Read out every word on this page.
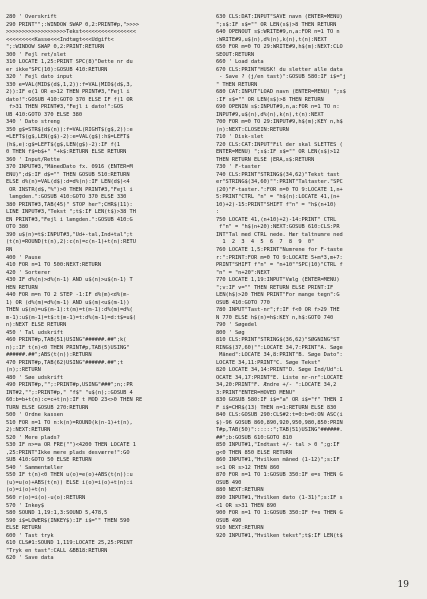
280 ' Overskrift
290 PRINT"";:WINDOW SWAP 0,2:PRINT#p,">>>>
>>>>>>>>>>>>>>>>>>>Tekst<<<<<<<<<<<<<<<<<
<<<<<<<<<Kasse<<<Indtægt<<<Udgift<
";:WINDOW SWAP 0,2:PRINT:RETURN
300 ' Fejl ret/slet
310 LOCATE 1,25:PRINT SPC(8)"Dette nr du
er ikke"SPC(10):GOSUB 410:RETURN
320 ' Fejl dato input
330 e=VAL(MID$(d$,1,2)):f=VAL(MID$(d$,3,
2)):IF e(1 OR e>12 THEN PRINT#3,"Fejl i
dato!":GOSUB 410:GOTO 370 ELSE IF f(1 OR
f>31 THEN PRINT#3,"Fejl i dato!":GOS
UB 410:GOTO 370 ELSE 380
340 ' Dato streng
350 g$=STR$(d$(n)):f=VAL(RIGHT$(g$,2)):e
=LEFT$(g$,LEN(g$)-2):e=VAL(g$):h$=LEFT$
(h$,e):g$=LEFT$(g$,LEN(g$)-2):IF f(1
0 THEN f$=b$+" "+k$:RETURN ELSE RETURN
360 ' Input/Rette
370 INPUT#3,"MånedDato fx. 0916 (ENTER=M
ENU)";d$:IF d$="" THEN GOSUB 510:RETURN
ELSE d%(n)=VAL(d$):d=d%(n):IF LEN(d$)<4
OR INSTR(d$,"%")>0 THEN PRINT#3,"Fejl i
længden.":GOSUB 410:GOTO 370 ELSE 330
380 PRINT#3,TAB(45)" STOP her";CHR$(11):
LINE INPUT#3,"Tekst ";t$:IF LEN(t$)>38 TH
EN PRINT#3,"Fejl i længden.":GOSUB 410:G
OTO 380
390 u$(n)=t$:INPUT#3,"Ud+-tal,Ind+tal";t
(t(n)=ROUND(t(n),2):c(n)=c(n-1)+t(n):RETU
RN
400 ' Pause
410 FOR n=1 TO 500:NEXT:RETURN
420 ' Sorterer
430 IF d%(n)>d%(n-1) AND u$(n)>u$(n-1) T
HEN RETURN
440 FOR m=n TO 2 STEP -1:IF d%(m)<d%(m-
1) OR (d%(m)=d%(m-1) AND u$(m)<u$(m-1))
THEN u$(m)=u$(m-1):t(m)=t(m-1):d%(m)=d%(
m-1):u$(m-1)=t$:t(m-1)=t:d%(m-1)=d:t$=u$(
n):NEXT ELSE RETURN
450 ' Tal udskrift
460 PRINT#p,TAB(51)USING"######.##";k(
n);:IF t(n)<0 THEN PRINT#p,TAB(5)USING"
######.##";ABS(t(n)):RETURN
470 PRINT#p,TAB(62)USING"######.##";t
(n);:RETURN
480 ' Søe udskrift
490 PRINT#p,"";:PRINT#p,USING"###";n;:PR
INT#2,"";:PRINT#p," "f$" "u$(n);:GOSUB 4
60:b=b+t(n):c=c+t(n):IF t MOD 23<>0 THEN RE
TURN ELSE GOSUB 270:RETURN
500 ' Ordne kassen
510 FOR n=1 TO n:k(n)=ROUND(k(n-1)+t(n),
2):NEXT:RETURN
520 ' Mere plads?
530 IF n>=a OR FRE("")<4200 THEN LOCATE 1
,25:PRINT"Ikke mere plads desværre!":GO
SUB 410:GOTO 50 ELSE RETURN
540 ' Sammentæller
550 IF t(n)<0 THEN u(o)=e(o)+ABS(t(n)):u
(u)=u(o)+ABS(t(n)) ELSE i(o)=i(o)+t(n):i
(o)=i(o)+t(n)
560 r(o)=i(o)-u(o):RETURN
570 ' Inkey$
580 SOUND 1,19:1,3:SOUND 5,478,5
590 i$=LOWER$(INKEY$):IF i$="" THEN 590
ELSE RETURN
600 ' Tast tryk
610 CLS#1:SOUND 1,119:LOCATE 25,25:PRINT
"Tryk en tast":CALL &BB18:RETURN
620 ' Save data
630 CLS:DAT:INPUT"SAVE navn (ENTER=MENU)
";s$:IF s$="" OR LEN(s$)>8 THEN RETURN
640 OPENOUT s$:WRITE#9,n,a:FOR n=1 TO n
:WRITE#9,u$(n),d%(n),k(n),t(n):NEXT
650 FOR m=0 TO 29:WRITE#9,h$(m):NEXT:CLO
SEOUT:RETURN
660 ' Load data
670 CLS:PRINT"HUSK! du sletter alle data
- Save ? (j/en tast)":GOSUB 580:IF i$="j
" THEN RETURN
680 CAT:INPUT"LOAD navn (ENTER=MENU) ";s$
:IF s$="" OR LEN(s$)>8 THEN RETURN
690 OPENIN s$:INPUT#9,n,a:FOR n=1 TO n:
INPUT#9,u$(n),d%(n),k(n),t(n):NEXT
700 FOR m=0 TO 29:INPUT#9,h$(m);KEY n,h$
(n):NEXT:CLOSEIN:RETURN
710 ' Disk-slet
720 CLS:CAT:INPUT"Fil der skal SLETTES (
ENTER=MENU) ";s$:IF s$="" OR LEN(s$)>12
THEN RETURN ELSE |ERA,s$:RETURN
730 ' F-taster
740 CLS:PRINT"STRING$(34,62)"Tekst tast
er"STRING$(34,60)"":PRINT"Taltaster."SPC
(20)"F-taster.":FOR n=0 TO 9:LOCATE 1,n+
5:PRINT"CTRL "n" = "h$(n):LOCATE 41,(n+
10)+2)-15:PRINT"SHIFT f"n" = "h$(n+10)
:
750 LOCATE 41,(n+10)+2)-14:PRINT" CTRL
f"n" = "h$(n+20):NEXT:GOSUB 610:CLS:PR
INT"Tal med CTRL nede. Hær taltnumre ned
1  2  3  4  5  6  7  8  9  0"
760 LOCATE 1,5:PRINT"Numrene for F-taste
r:":PRINT:FOR m=0 TO 9:LOCATE 5+m*3,m+7:
PRINT"SHIFT f"n" = "n+10""SPC(10)"CTRL f
"n" = "n+20":NEXT
770 LOCATE 1,19:INPUT"Vælg (ENTER=MENU)
";v:IF v="" THEN RETURN ELSE PRINT:IF
LEN(h$)>20 THEN PRINT"For mange tegn":G
OSUB 410:GOTO 770
780 INPUT"Tast-nr";f:IF f<0 OR f>29 THE
N 770 ELSE h$(n)=h$:KEY n,h$:GOTO 740
790 ' Søgedel
800 ' Søg
810 CLS:PRINT"STRING$(36,62)"SØGNING"ST
RING$(37,60)"":LOCATE 34,7:PRINT"A. Søge
Måned":LOCATE 34,8:PRINT"B. Søge Dato":
LOCATE 34,11:PRINT"C. Søge Tekst"
820 LOCATE 34,14:PRINT"D. Søge Ind/Ud":L
OCATE 34,17:PRINT"E. Liste nr-nr":LOCATE
34,20:PRINT"F. Ændre +/- ":LOCATE 34,2
3:PRINT"ENTER=HOVED MENU"
830 GOSUB 580:IF i$="a" OR i$="f" THEN I
F i$=CHR$(13) THEN n=1:RETURN ELSE 830
840 CLS:GOSUB 290:CLS#2:t=0:b=0:ON ASC(i
$)-96 GOSUB 860,890,920,950,980,850:PRIN
T#p,TAB(50)"::::::";TAB(51)USING"######.
##";b:GOSUB 610:GOTO 810
850 INPUT#1,"Indtast +/- tal > 0 ";g:IF
g<0 THEN 850 ELSE RETURN
860 INPUT#1,"Hvilken måned (1-12)";s:IF
s<1 OR s>12 THEN 860
870 FOR n=1 TO 1:GOSUB 350:IF e=s THEN G
OSUB 490
880 NEXT:RETURN
890 INPUT#1,"Hvilken dato (1-31)";s:IF s
<1 OR s>31 THEN 890
900 FOR n=1 TO 1:GOSUB 350:IF f=s THEN G
OSUB 490
910 NEXT:RETURN
920 INPUT#1,"Hvilken tekst";t$:IF LEN(t$
19
